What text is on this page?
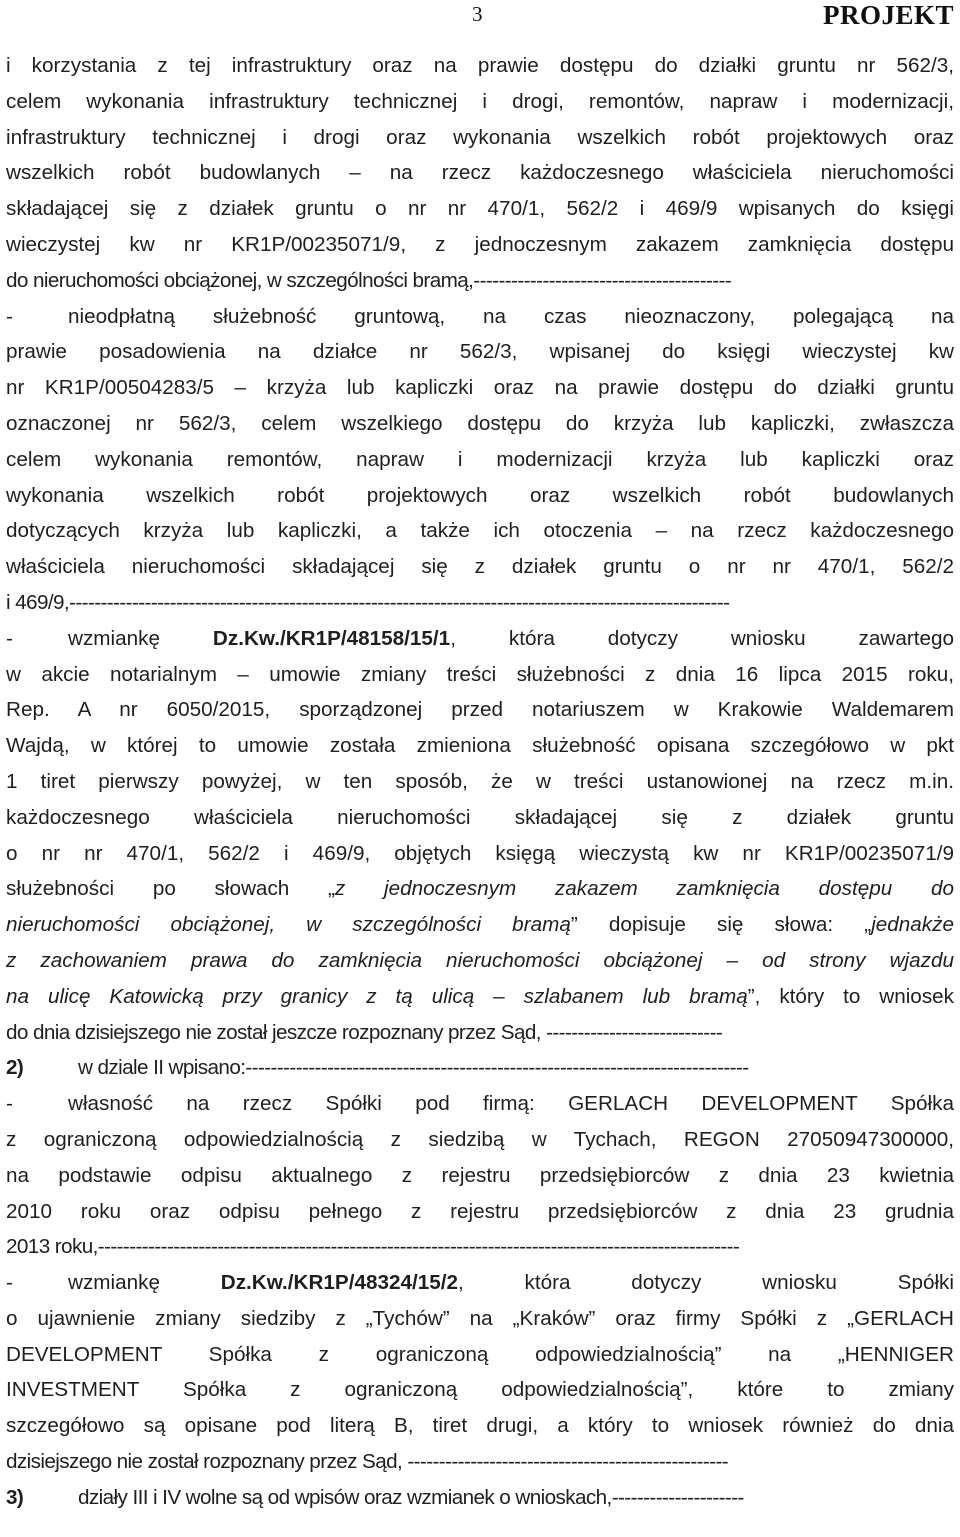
3	PROJEKT
i korzystania z tej infrastruktury oraz na prawie dostępu do działki gruntu nr 562/3,
celem wykonania infrastruktury technicznej i drogi, remontów, napraw i modernizacji,
infrastruktury technicznej i drogi oraz wykonania wszelkich robót projektowych oraz
wszelkich robót budowlanych – na rzecz każdoczesnego właściciela nieruchomości
składającej się z działek gruntu o nr nr 470/1, 562/2 i 469/9 wpisanych do księgi
wieczystej kw nr KR1P/00235071/9, z jednoczesnym zakazem zamknięcia dostępu
do nieruchomości obciążonej, w szczególności bramą,-----------------------------------------
-	nieodpłatną służebność gruntową, na czas nieoznaczony, polegającą na
prawie posadowienia na działce nr 562/3, wpisanej do księgi wieczystej kw
nr KR1P/00504283/5 – krzyża lub kapliczki oraz na prawie dostępu do działki gruntu
oznaczonej nr 562/3, celem wszelkiego dostępu do krzyża lub kapliczki, zwłaszcza
celem wykonania remontów, napraw i modernizacji krzyża lub kapliczki oraz
wykonania wszelkich robót projektowych oraz wszelkich robót budowlanych
dotyczących krzyża lub kapliczki, a także ich otoczenia – na rzecz każdoczesnego
właściciela nieruchomości składającej się z działek gruntu o nr nr 470/1, 562/2
i 469/9,---------------------------------------------------------------------------------------------------------
-	wzmiankę	Dz.Kw./KR1P/48158/15/1, która dotyczy wniosku zawartego
w akcie notarialnym – umowie zmiany treści służebności z dnia 16 lipca 2015 roku,
Rep. A nr 6050/2015, sporządzonej przed notariuszem w Krakowie Waldemarem
Wajdą, w której to umowie została zmieniona służebność opisana szczegółowo w pkt
1 tiret pierwszy powyżej, w ten sposób, że w treści ustanowionej na rzecz m.in.
każdoczesnego właściciela nieruchomości składającej się z działek gruntu
o nr nr 470/1, 562/2 i 469/9, objętych księgą wieczystą kw nr KR1P/00235071/9
służebności po słowach „z jednoczesnym zakazem zamknięcia dostępu do
nieruchomości obciążonej, w szczególności bramą” dopisuje się słowa: „jednakże
z zachowaniem prawa do zamknięcia nieruchomości obciążonej – od strony wjazdu
na ulicę Katowicką przy granicy z tą ulicą – szlabanem lub bramą”, który to wniosek
do dnia dzisiejszego nie został jeszcze rozpoznany przez Sąd, ----------------------------
2)	w dziale II wpisano:--------------------------------------------------------------------------------
-	własność na rzecz Spółki pod firmą: GERLACH DEVELOPMENT Spółka
z ograniczoną odpowiedzialnością z siedzibą w Tychach, REGON 27050947300000,
na podstawie odpisu aktualnego z rejestru przedsiębiorców z dnia 23 kwietnia
2010 roku oraz odpisu pełnego z rejestru przedsiębiorców z dnia 23 grudnia
2013 roku,------------------------------------------------------------------------------------------------------
-	wzmiankę	Dz.Kw./KR1P/48324/15/2, która dotyczy wniosku Spółki
o ujawnienie zmiany siedziby z „Tychów” na „Kraków” oraz firmy Spółki z „GERLACH
DEVELOPMENT Spółka z ograniczoną odpowiedzialnością” na „HENNIGER
INVESTMENT Spółka z ograniczoną odpowiedzialnością”, które to zmiany
szczegółowo są opisane pod literą B, tiret drugi, a który to wniosek również do dnia
dzisiejszego nie został rozpoznany przez Sąd, ---------------------------------------------------
3)	działy III i IV wolne są od wpisów oraz wzmianek o wnioskach,---------------------
